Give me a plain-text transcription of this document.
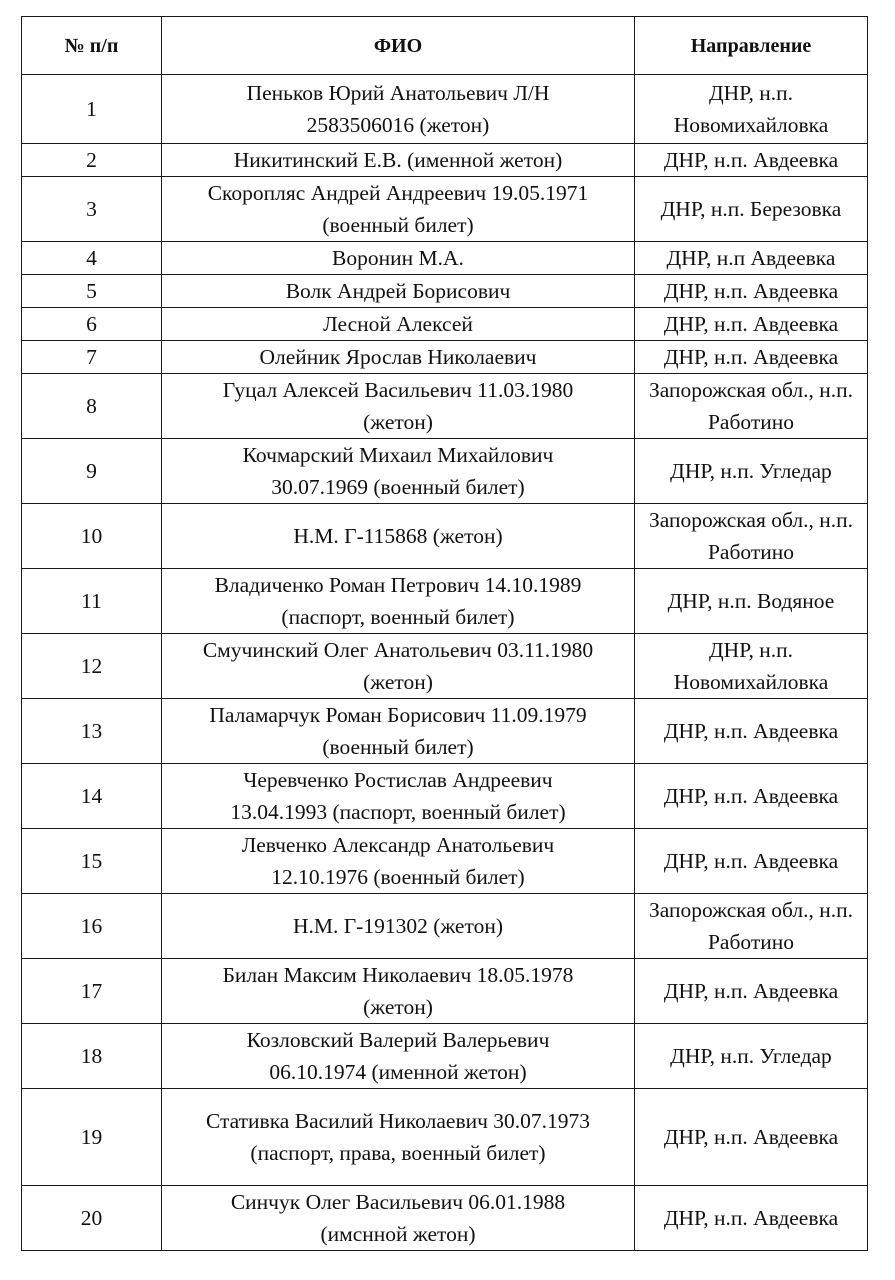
№ п/п	ФИО	Направление
1	Пеньков Юрий Анатольевич Л/Н
2583506016 (жетон)	ДНР, н.п.
Новомихайловка

2	Никитинский Е.В. (именной жетон)	ДНР, н.п. Авдеевка

3	Скоропляс Андрей Андреевич 19.05.1971
(военный билет)	ДНР, н.п. Березовка

4	Воронин М.А.	ДНР, н.п Авдеевка

5	Волк Андрей Борисович	ДНР, н.п. Авдеевка

6	Лесной Алексей	ДНР, н.п. Авдеевка

7	Олейник Ярослав Николаевич	ДНР, н.п. Авдеевка

8	Гуцал Алексей Васильевич 11.03.1980
(жетон)	Запорожская обл., н.п.
Работино

9	Кочмарский Михаил Михайлович
30.07.1969 (военный билет)	ДНР, н.п. Угледар

10	Н.М. Г-115868 (жетон)	Запорожская обл., н.п.
Работино

11	Владиченко Роман Петрович 14.10.1989
(паспорт, военный билет)	ДНР, н.п. Водяное

12	Смучинский Олег Анатольевич 03.11.1980
(жетон)	ДНР, н.п.
Новомихайловка

13	Паламарчук Роман Борисович 11.09.1979
(военный билет)	ДНР, н.п. Авдеевка

14	Черевченко Ростислав Андреевич
13.04.1993 (паспорт, военный билет)	ДНР, н.п. Авдеевка

15	Левченко Александр Анатольевич
12.10.1976 (военный билет)	ДНР, н.п. Авдеевка

16	Н.М. Г-191302 (жетон)	Запорожская обл., н.п.
Работино

17	Билан Максим Николаевич 18.05.1978
(жетон)	ДНР, н.п. Авдеевка

18	Козловский Валерий Валерьевич
06.10.1974 (именной жетон)	ДНР, н.п. Угледар

19	Стативка Василий Николаевич 30.07.1973
(паспорт, права, военный билет)	ДНР, н.п. Авдеевка

20	Синчук Олег Васильевич 06.01.1988
(имсннoй жетон)	ДНР, н.п. Авдеевка
